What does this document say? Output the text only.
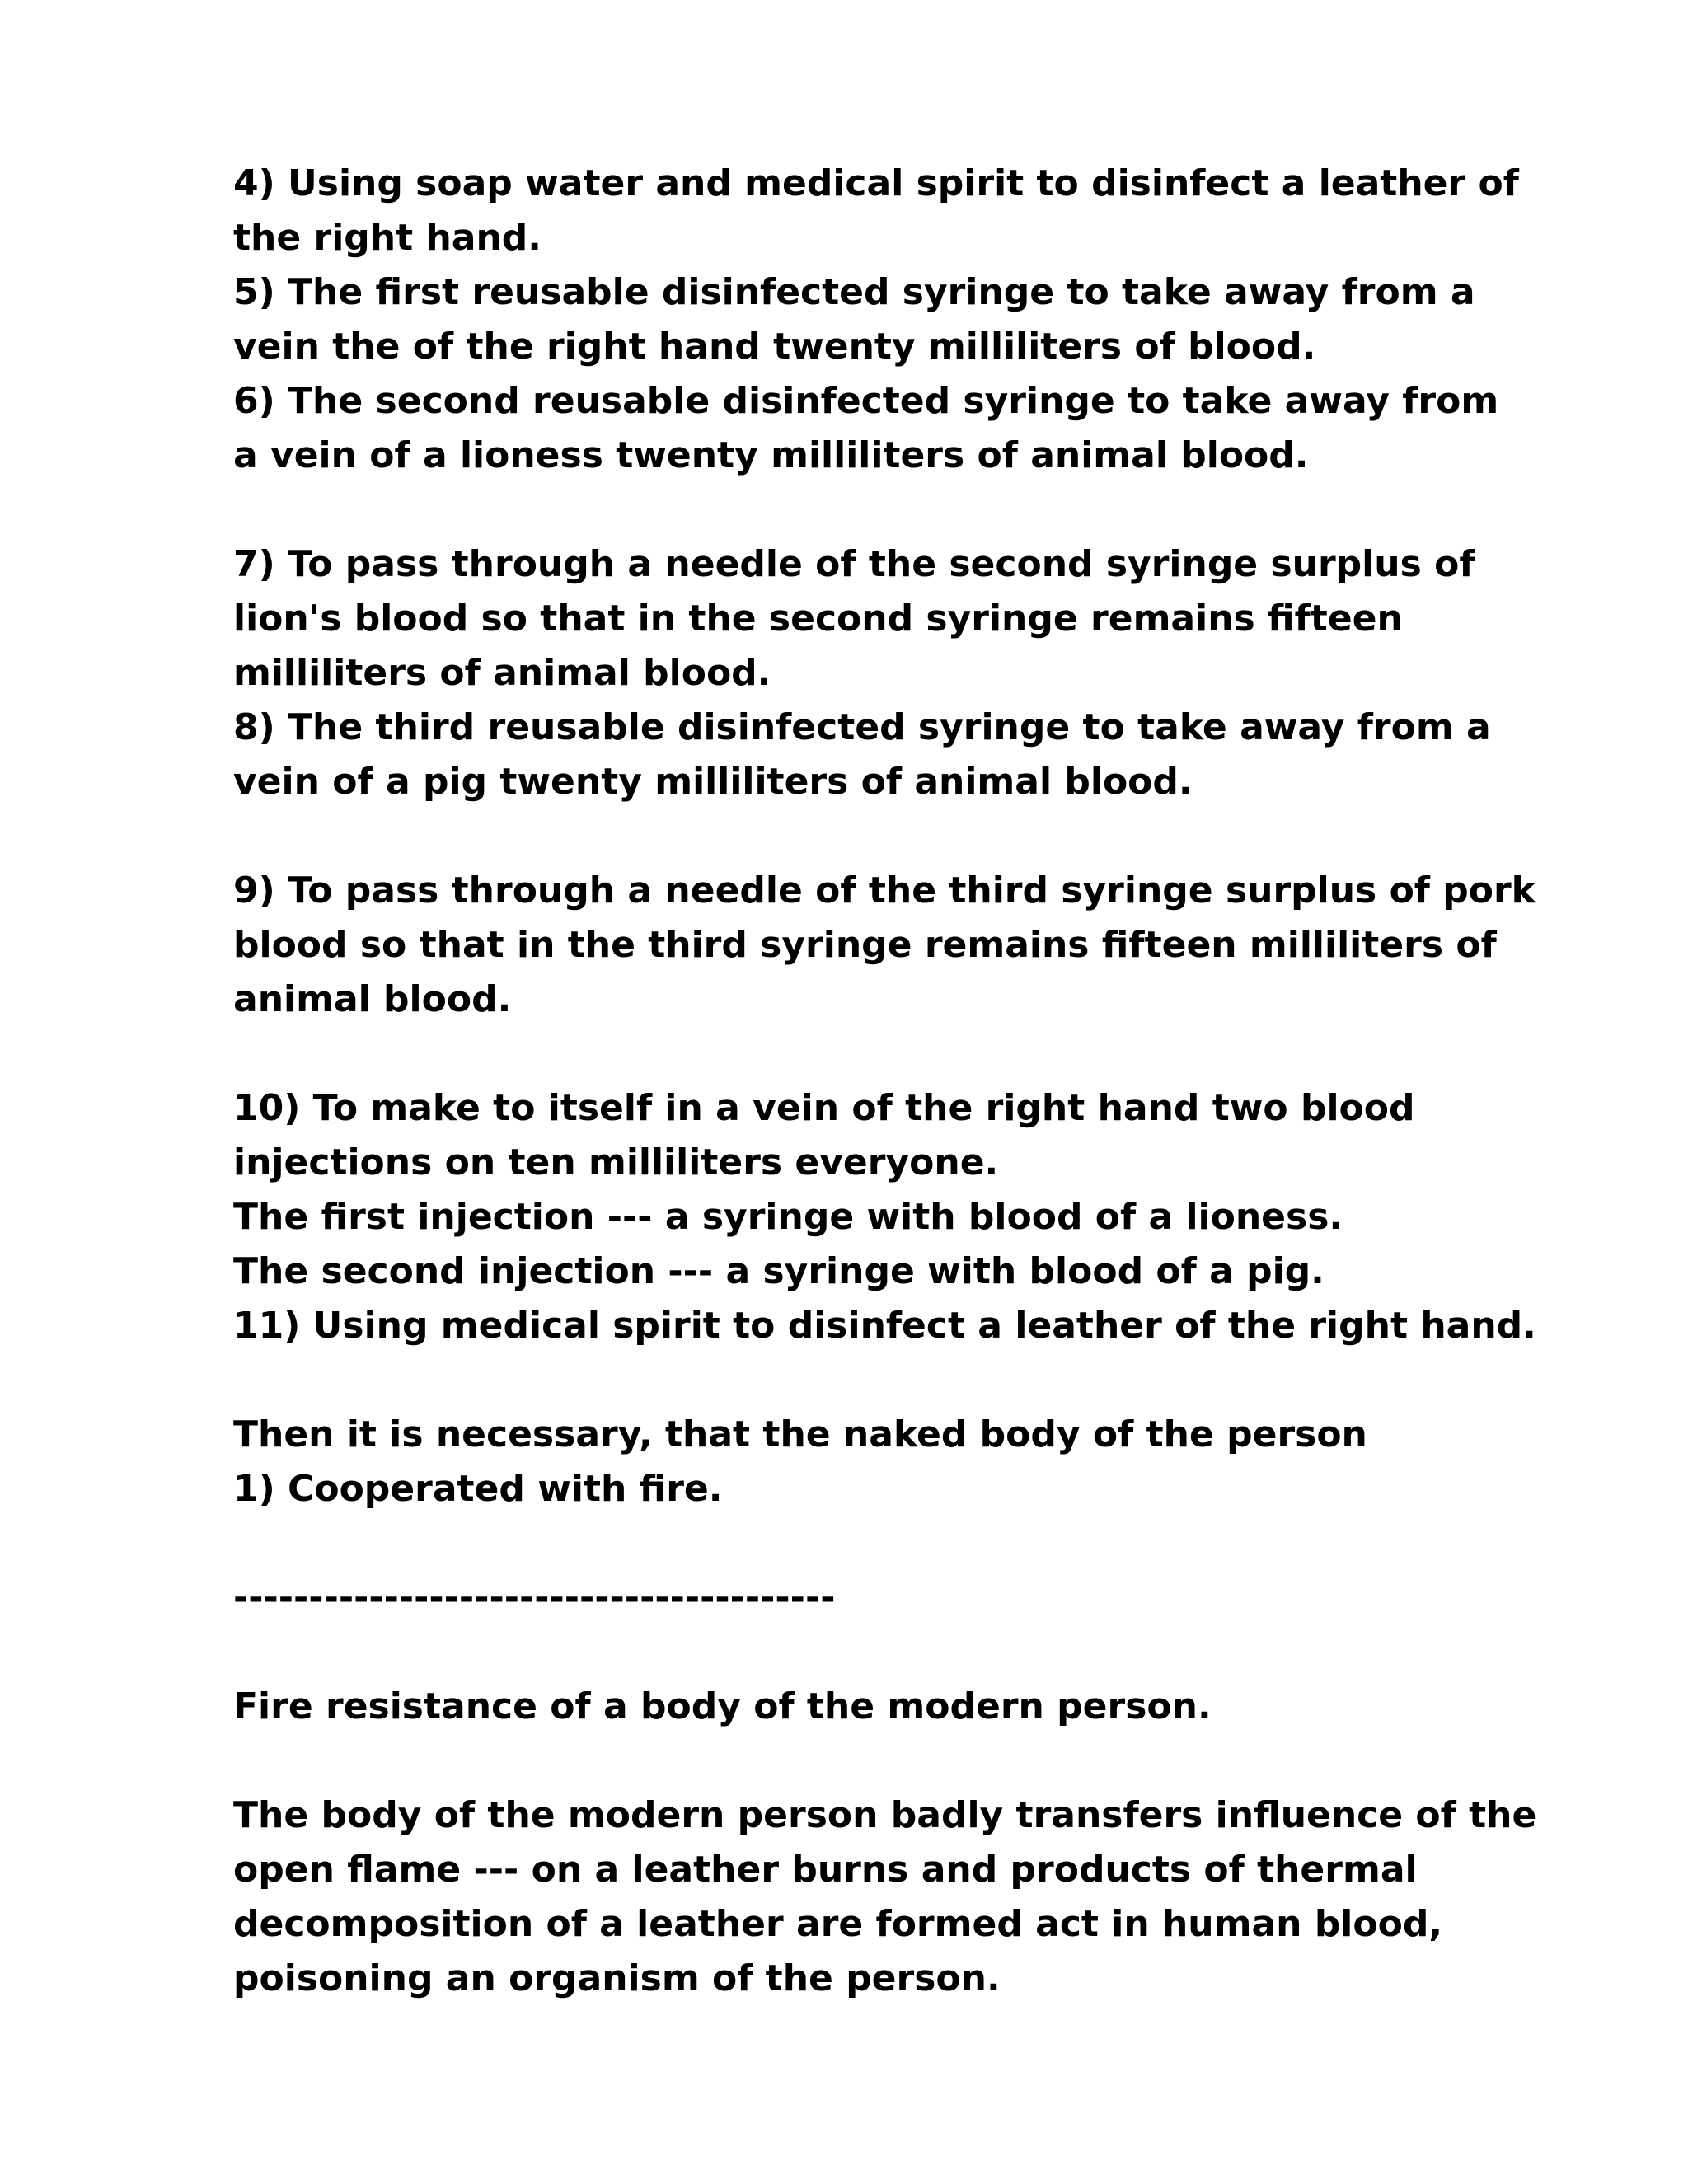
4) Using soap water and medical spirit to disinfect a leather of
the right hand.
5) The first reusable disinfected syringe to take away from a
vein the of the right hand twenty milliliters of blood.
6) The second reusable disinfected syringe to take away from
a vein of a lioness twenty milliliters of animal blood.
7) To pass through a needle of the second syringe surplus of
lion's blood so that in the second syringe remains fifteen
milliliters of animal blood.
8) The third reusable disinfected syringe to take away from a
vein of a pig twenty milliliters of animal blood.
9) To pass through a needle of the third syringe surplus of pork
blood so that in the third syringe remains fifteen milliliters of
animal blood.
10) To make to itself in a vein of the right hand two blood
injections on ten milliliters everyone.
The first injection --- a syringe with blood of a lioness.
The second injection --- a syringe with blood of a pig.
11) Using medical spirit to disinfect a leather of the right hand.
Then it is necessary, that the naked body of the person
1) Cooperated with fire.
----------------------------------------
Fire resistance of a body of the modern person.
The body of the modern person badly transfers influence of the
open flame --- on a leather burns and products of thermal
decomposition of a leather are formed act in human blood,
poisoning an organism of the person.
